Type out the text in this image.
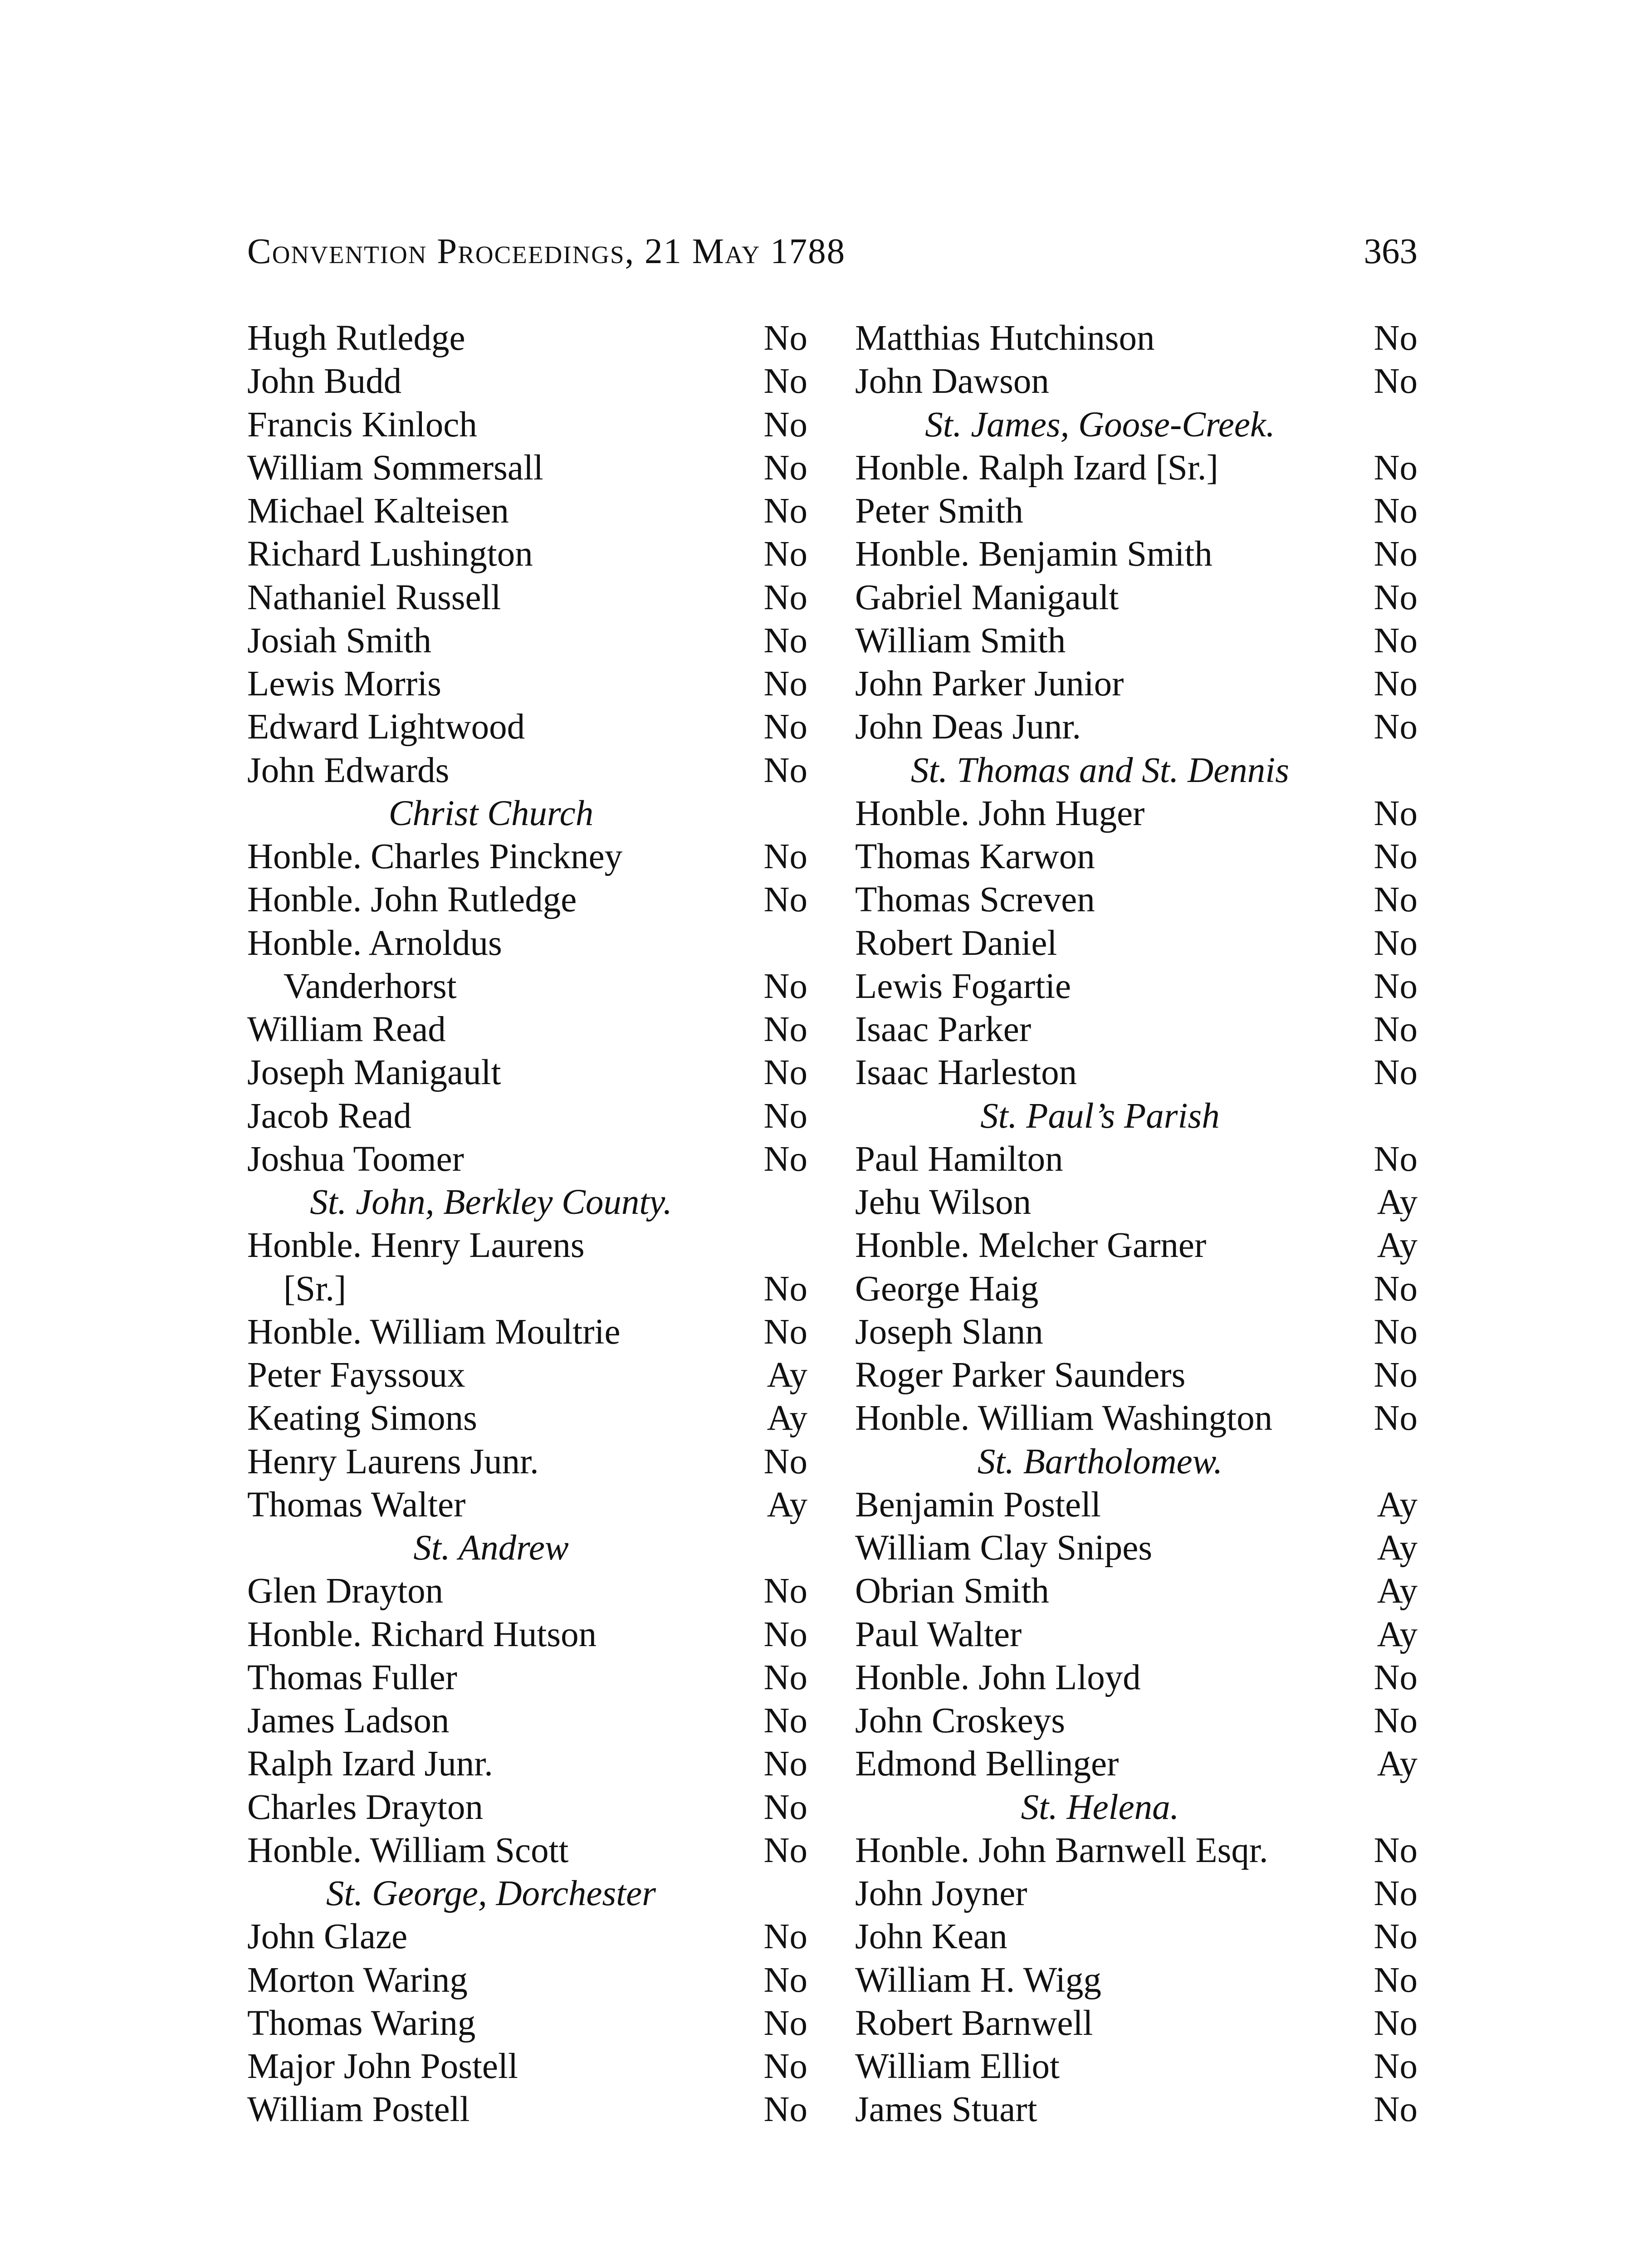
Convention Proceedings, 21 May 1788	363
Hugh Rutledge	No
John Budd	No
Francis Kinloch	No
William Sommersall	No
Michael Kalteisen	No
Richard Lushington	No
Nathaniel Russell	No
Josiah Smith	No
Lewis Morris	No
Edward Lightwood	No
John Edwards	No
Christ Church
Honble. Charles Pinckney	No
Honble. John Rutledge	No
Honble. Arnoldus
Vanderhorst	No
William Read	No
Joseph Manigault	No
Jacob Read	No
Joshua Toomer	No
St. John, Berkley County.
Honble. Henry Laurens
[Sr.]	No
Honble. William Moultrie	No
Peter Fayssoux	Ay
Keating Simons	Ay
Henry Laurens Junr.	No
Thomas Walter	Ay
St. Andrew
Glen Drayton	No
Honble. Richard Hutson	No
Thomas Fuller	No
James Ladson	No
Ralph Izard Junr.	No
Charles Drayton	No
Honble. William Scott	No
St. George, Dorchester
John Glaze	No
Morton Waring	No
Thomas Waring	No
Major John Postell	No
William Postell	No
Matthias Hutchinson	No
John Dawson	No
St. James, Goose-Creek.
Honble. Ralph Izard [Sr.]	No
Peter Smith	No
Honble. Benjamin Smith	No
Gabriel Manigault	No
William Smith	No
John Parker Junior	No
John Deas Junr.	No
St. Thomas and St. Dennis
Honble. John Huger	No
Thomas Karwon	No
Thomas Screven	No
Robert Daniel	No
Lewis Fogartie	No
Isaac Parker	No
Isaac Harleston	No
St. Paul’s Parish
Paul Hamilton	No
Jehu Wilson	Ay
Honble. Melcher Garner	Ay
George Haig	No
Joseph Slann	No
Roger Parker Saunders	No
Honble. William Washington	No
St. Bartholomew.
Benjamin Postell	Ay
William Clay Snipes	Ay
Obrian Smith	Ay
Paul Walter	Ay
Honble. John Lloyd	No
John Croskeys	No
Edmond Bellinger	Ay
St. Helena.
Honble. John Barnwell Esqr.	No
John Joyner	No
John Kean	No
William H. Wigg	No
Robert Barnwell	No
William Elliot	No
James Stuart	No
